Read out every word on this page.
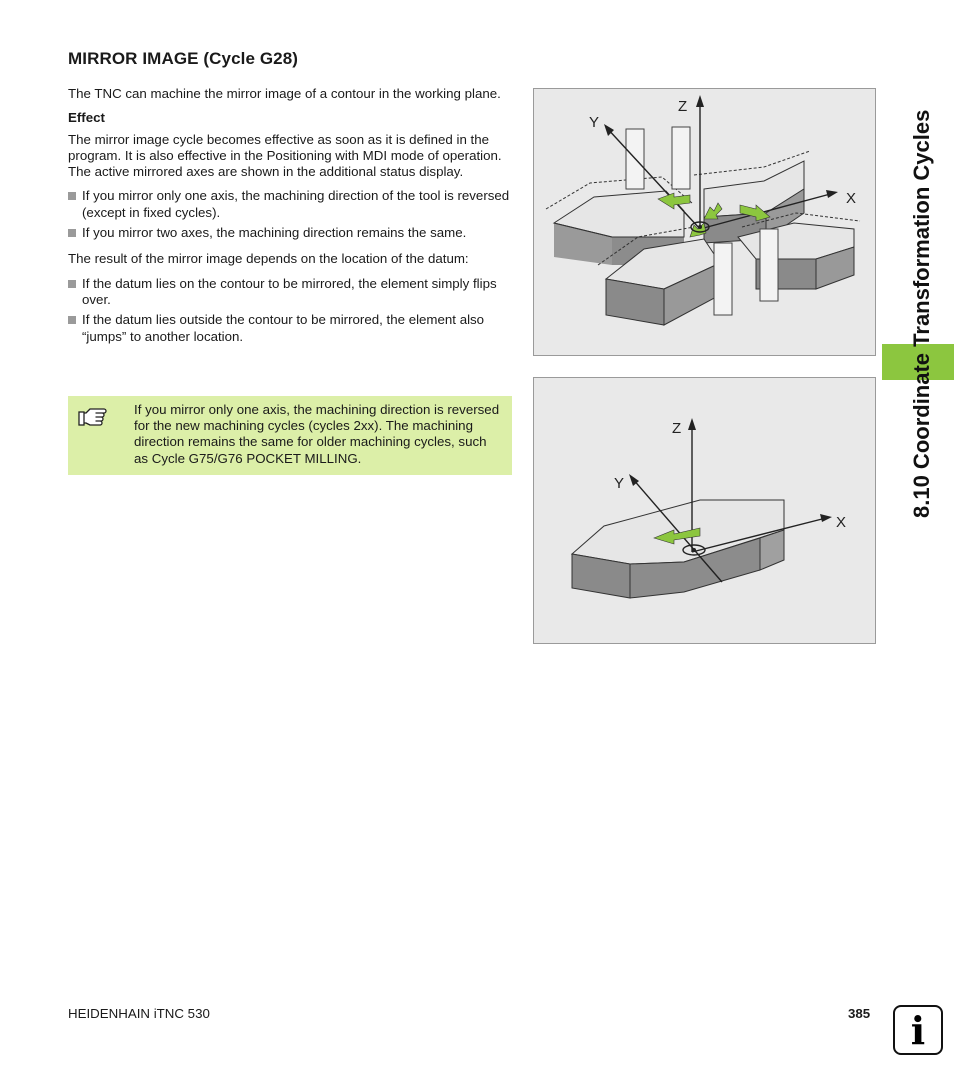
MIRROR IMAGE (Cycle G28)

The TNC can machine the mirror image of a contour in the working plane.

Effect

The mirror image cycle becomes effective as soon as it is defined in the program. It is also effective in the Positioning with MDI mode of operation. The active mirrored axes are shown in the additional status display.

If you mirror only one axis, the machining direction of the tool is reversed (except in fixed cycles).
If you mirror two axes, the machining direction remains the same.

The result of the mirror image depends on the location of the datum:

If the datum lies on the contour to be mirrored, the element simply flips over.
If the datum lies outside the contour to be mirrored, the element also “jumps” to another location.
If you mirror only one axis, the machining direction is reversed for the new machining cycles (cycles 2xx). The machining direction remains the same for older machining cycles, such as Cycle G75/G76 POCKET MILLING.
Z
Y
X
Z
Y
X
8.10 Coordinate Transformation Cycles
HEIDENHAIN iTNC 530	385	i
